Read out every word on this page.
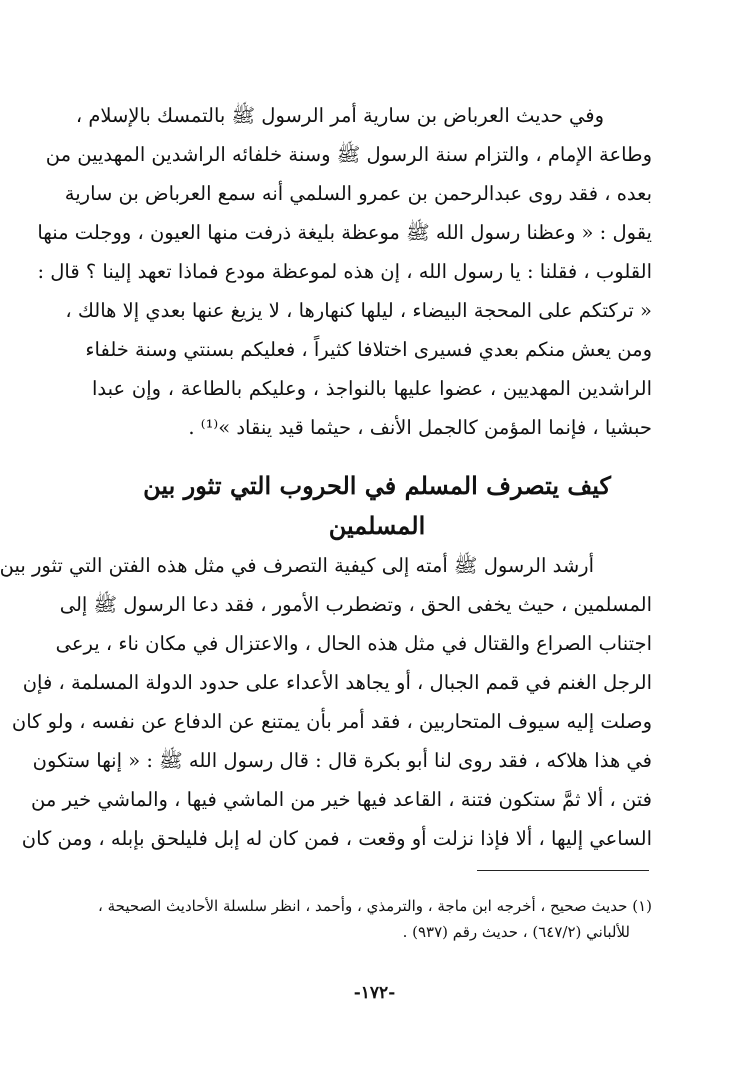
وفي حديث العرباض بن سارية أمر الرسول ﷺ بالتمسك بالإسلام ،
وطاعة الإمام ، والتزام سنة الرسول ﷺ وسنة خلفائه الراشدين المهديين من
بعده ، فقد روى عبدالرحمن بن عمرو السلمي أنه سمع العرباض بن سارية
يقول : « وعظنا رسول الله ﷺ موعظة بليغة ذرفت منها العيون ، ووجلت منها
القلوب ، فقلنا : يا رسول الله ، إن هذه لموعظة مودع فماذا تعهد إلينا ؟ قال :
« تركتكم على المحجة البيضاء ، ليلها كنهارها ، لا يزيغ عنها بعدي إلا هالك ،
ومن يعش منكم بعدي فسيرى اختلافا كثيراً ، فعليكم بسنتي وسنة خلفاء
الراشدين المهديين ، عضوا عليها بالنواجذ ، وعليكم بالطاعة ، وإن عبدا
حبشيا ، فإنما المؤمن كالجمل الأنف ، حيثما قيد ينقاد »⁽¹⁾ .
كيف يتصرف المسلم في الحروب التي تثور بين المسلمين
أرشد الرسول ﷺ أمته إلى كيفية التصرف في مثل هذه الفتن التي تثور بين
المسلمين ، حيث يخفى الحق ، وتضطرب الأمور ، فقد دعا الرسول ﷺ إلى
اجتناب الصراع والقتال في مثل هذه الحال ، والاعتزال في مكان ناء ، يرعى
الرجل الغنم في قمم الجبال ، أو يجاهد الأعداء على حدود الدولة المسلمة ، فإن
وصلت إليه سيوف المتحاربين ، فقد أمر بأن يمتنع عن الدفاع عن نفسه ، ولو كان
في هذا هلاكه ، فقد روى لنا أبو بكرة قال : قال رسول الله ﷺ : « إنها ستكون
فتن ، ألا ثمَّ ستكون فتنة ، القاعد فيها خير من الماشي فيها ، والماشي خير من
الساعي إليها ، ألا فإذا نزلت أو وقعت ، فمن كان له إبل فليلحق بإبله ، ومن كان
(١) حديث صحيح ، أخرجه ابن ماجة ، والترمذي ، وأحمد ، انظر سلسلة الأحاديث الصحيحة ،
للألباني (٦٤٧/٢) ، حديث رقم (٩٣٧) .
-١٧٢-
